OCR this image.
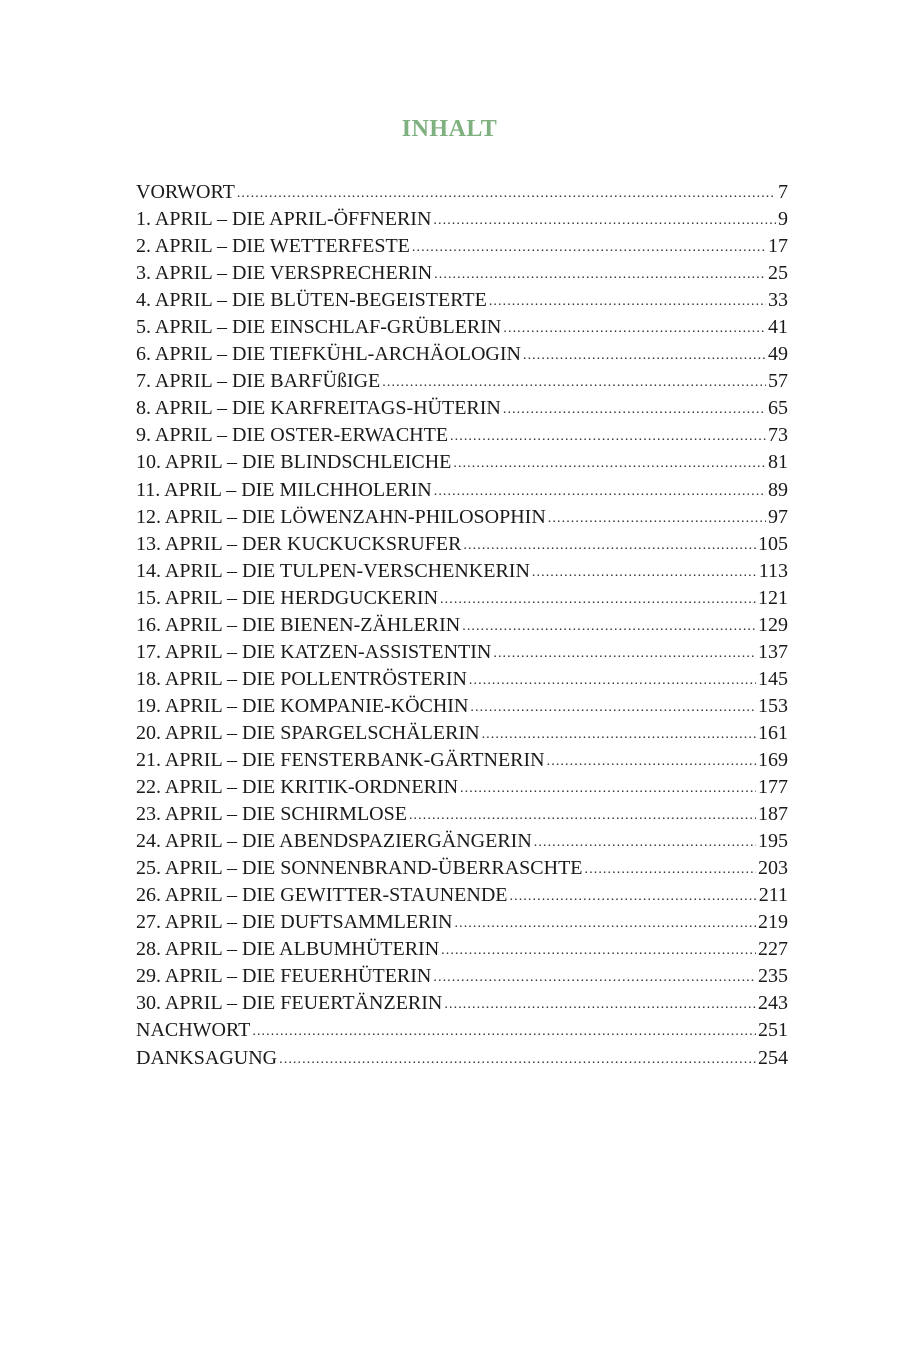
INHALT
VORWORT .....	7
1. APRIL – DIE APRIL-ÖFFNERIN .....	9
2. APRIL – DIE WETTERFESTE .....	17
3. APRIL – DIE VERSPRECHERIN .....	25
4. APRIL – DIE BLÜTEN-BEGEISTERTE .....	33
5. APRIL – DIE EINSCHLAF-GRÜBLERIN .....	41
6. APRIL – DIE TIEFKÜHL-ARCHÄOLOGIN .....	49
7. APRIL – DIE BARFÜßIGE .....	57
8. APRIL – DIE KARFREITAGS-HÜTERIN .....	65
9. APRIL – DIE OSTER-ERWACHTE .....	73
10. APRIL – DIE BLINDSCHLEICHE .....	81
11. APRIL – DIE MILCHHOLERIN .....	89
12. APRIL – DIE LÖWENZAHN-PHILOSOPHIN .....	97
13. APRIL – DER KUCKUCKSRUFER .....	105
14. APRIL – DIE TULPEN-VERSCHENKERIN .....	113
15. APRIL – DIE HERDGUCKERIN .....	121
16. APRIL – DIE BIENEN-ZÄHLERIN .....	129
17. APRIL – DIE KATZEN-ASSISTENTIN .....	137
18. APRIL – DIE POLLENTRÖSTERIN .....	145
19. APRIL – DIE KOMPANIE-KÖCHIN .....	153
20. APRIL – DIE SPARGELSCHÄLERIN .....	161
21. APRIL – DIE FENSTERBANK-GÄRTNERIN .....	169
22. APRIL – DIE KRITIK-ORDNERIN .....	177
23. APRIL – DIE SCHIRMLOSE .....	187
24. APRIL – DIE ABENDSPAZIERGÄNGERIN .....	195
25. APRIL – DIE SONNENBRAND-ÜBERRASCHTE .....	203
26. APRIL – DIE GEWITTER-STAUNENDE .....	211
27. APRIL – DIE DUFTSAMMLERIN .....	219
28. APRIL – DIE ALBUMHÜTERIN .....	227
29. APRIL – DIE FEUERHÜTERIN .....	235
30. APRIL – DIE FEUERTÄNZERIN .....	243
NACHWORT .....	251
DANKSAGUNG .....	254
